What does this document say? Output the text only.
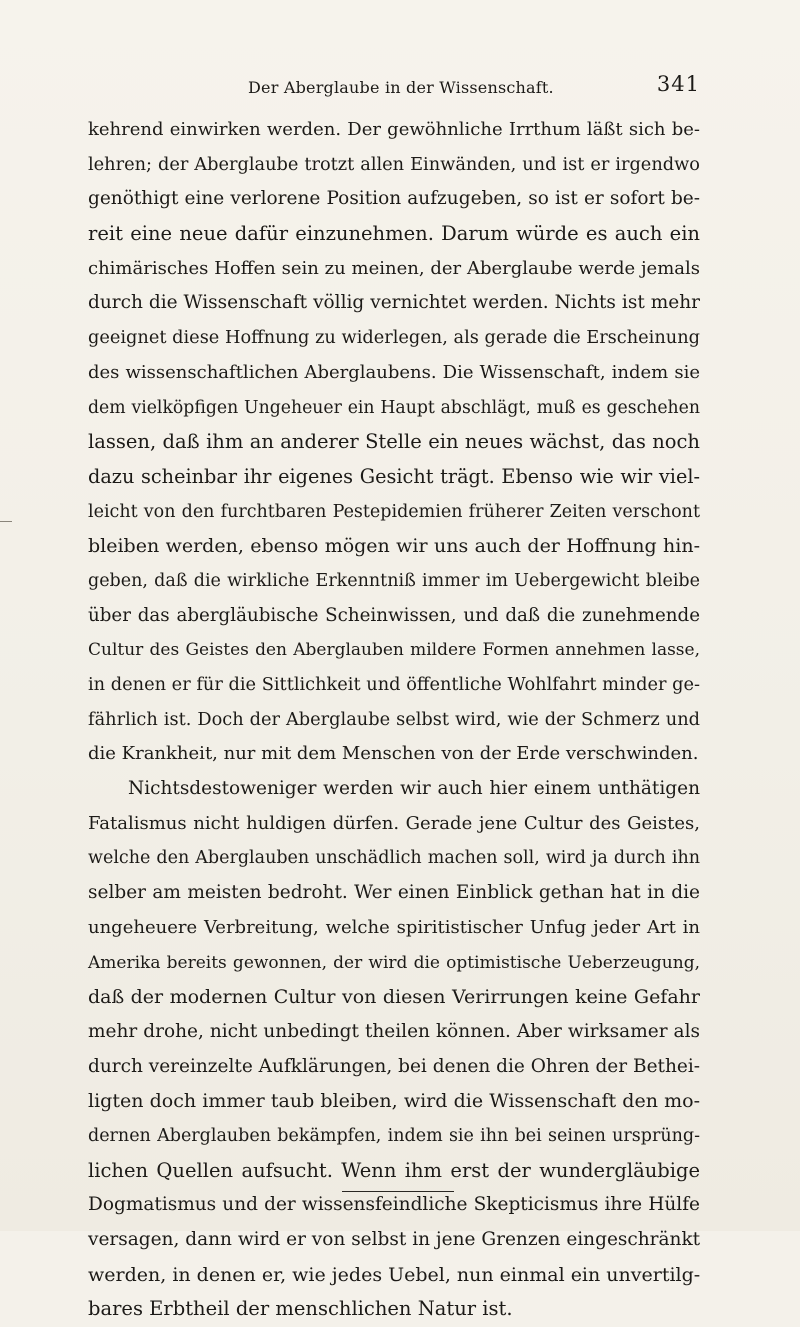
Der Aberglaube in der Wissenschaft.	341
kehrend einwirken werden. Der gewöhnliche Irrthum läßt sich be-
lehren; der Aberglaube trotzt allen Einwänden, und ist er irgendwo
genöthigt eine verlorene Position aufzugeben, so ist er sofort be-
reit eine neue dafür einzunehmen. Darum würde es auch ein
chimärisches Hoffen sein zu meinen, der Aberglaube werde jemals
durch die Wissenschaft völlig vernichtet werden. Nichts ist mehr
geeignet diese Hoffnung zu widerlegen, als gerade die Erscheinung
des wissenschaftlichen Aberglaubens. Die Wissenschaft, indem sie
dem vielköpfigen Ungeheuer ein Haupt abschlägt, muß es geschehen
lassen, daß ihm an anderer Stelle ein neues wächst, das noch
dazu scheinbar ihr eigenes Gesicht trägt. Ebenso wie wir viel-
leicht von den furchtbaren Pestepidemien früherer Zeiten verschont
bleiben werden, ebenso mögen wir uns auch der Hoffnung hin-
geben, daß die wirkliche Erkenntniß immer im Uebergewicht bleibe
über das abergläubische Scheinwissen, und daß die zunehmende
Cultur des Geistes den Aberglauben mildere Formen annehmen lasse,
in denen er für die Sittlichkeit und öffentliche Wohlfahrt minder ge-
fährlich ist. Doch der Aberglaube selbst wird, wie der Schmerz und
die Krankheit, nur mit dem Menschen von der Erde verschwinden.
Nichtsdestoweniger werden wir auch hier einem unthätigen
Fatalismus nicht huldigen dürfen. Gerade jene Cultur des Geistes,
welche den Aberglauben unschädlich machen soll, wird ja durch ihn
selber am meisten bedroht. Wer einen Einblick gethan hat in die
ungeheuere Verbreitung, welche spiritistischer Unfug jeder Art in
Amerika bereits gewonnen, der wird die optimistische Ueberzeugung,
daß der modernen Cultur von diesen Verirrungen keine Gefahr
mehr drohe, nicht unbedingt theilen können. Aber wirksamer als
durch vereinzelte Aufklärungen, bei denen die Ohren der Bethei-
ligten doch immer taub bleiben, wird die Wissenschaft den mo-
dernen Aberglauben bekämpfen, indem sie ihn bei seinen ursprüng-
lichen Quellen aufsucht. Wenn ihm erst der wundergläubige
Dogmatismus und der wissensfeindliche Skepticismus ihre Hülfe
versagen, dann wird er von selbst in jene Grenzen eingeschränkt
werden, in denen er, wie jedes Uebel, nun einmal ein unvertilg-
bares Erbtheil der menschlichen Natur ist.
